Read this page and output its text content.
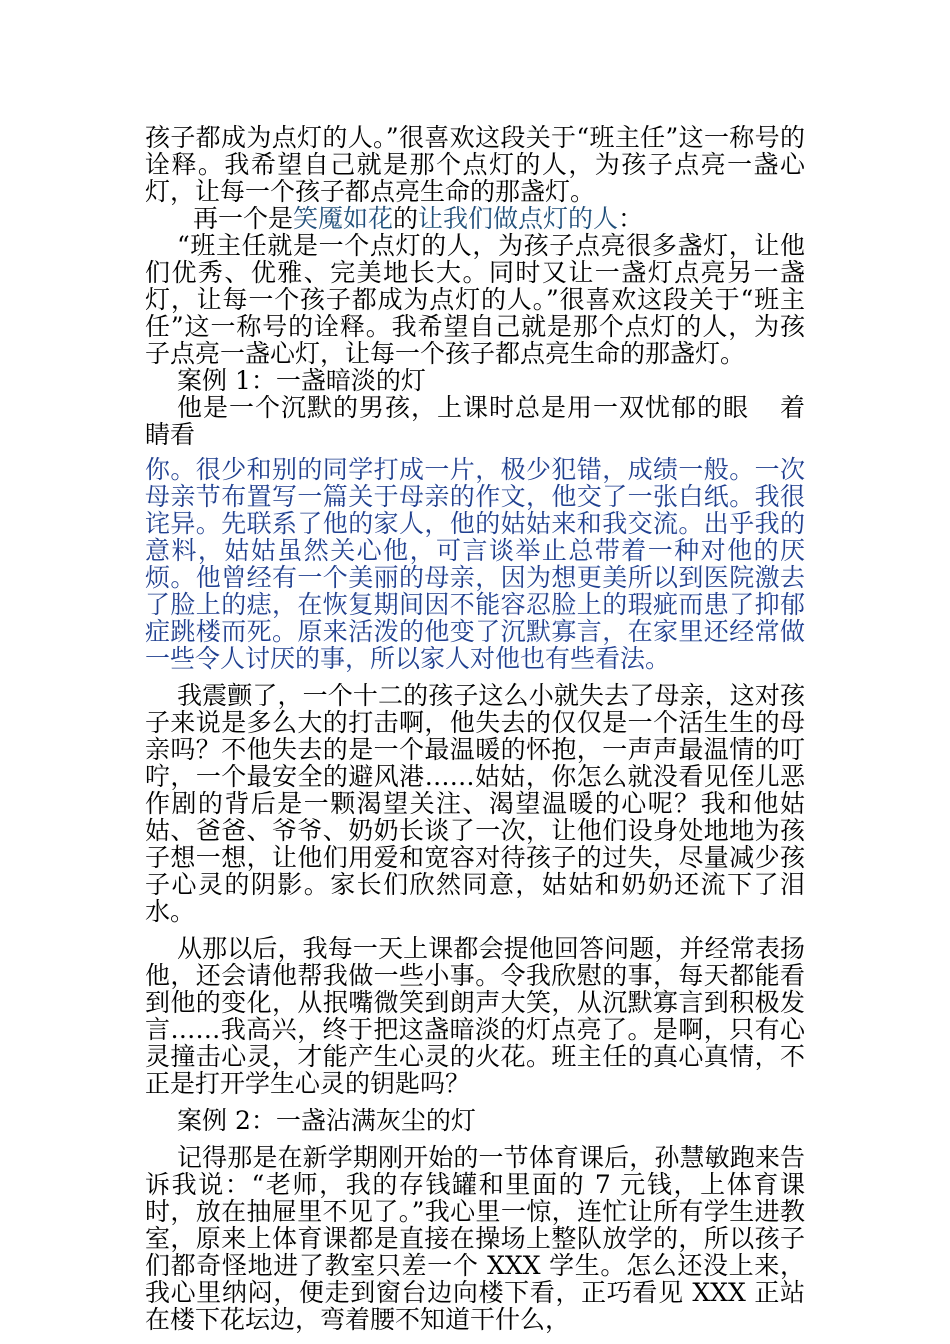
孩子都成为点灯的人。”很喜欢这段关于“班主任”这一称号的诠释。我希望自己就是那个点灯的人，为孩子点亮一盏心灯，让每一个孩子都点亮生命的那盏灯。

再一个是笑魇如花的让我们做点灯的人：

“班主任就是一个点灯的人，为孩子点亮很多盏灯，让他们优秀、优雅、完美地长大。同时又让一盏灯点亮另一盏灯，让每一个孩子都成为点灯的人。”很喜欢这段关于“班主任”这一称号的诠释。我希望自己就是那个点灯的人，为孩子点亮一盏心灯，让每一个孩子都点亮生命的那盏灯。

案例 1：一盏暗淡的灯

他是一个沉默的男孩，上课时总是用一双忧郁的眼睛看
着

你。很少和别的同学打成一片，极少犯错，成绩一般。一次母亲节布置写一篇关于母亲的作文，他交了一张白纸。我很诧异。先联系了他的家人，他的姑姑来和我交流。出乎我的意料，姑姑虽然关心他，可言谈举止总带着一种对他的厌烦。他曾经有一个美丽的母亲，因为想更美所以到医院激去了脸上的痣，在恢复期间因不能容忍脸上的瑕疵而患了抑郁症跳楼而死。原来活泼的他变了沉默寡言，在家里还经常做一些令人讨厌的事，所以家人对他也有些看法。

我震颤了，一个十二的孩子这么小就失去了母亲，这对孩子来说是多么大的打击啊，他失去的仅仅是一个活生生的母亲吗？不他失去的是一个最温暖的怀抱，一声声最温情的叮咛，一个最安全的避风港……姑姑，你怎么就没看见侄儿恶作剧的背后是一颗渴望关注、渴望温暖的心呢？我和他姑姑、爸爸、爷爷、奶奶长谈了一次，让他们设身处地地为孩子想一想，让他们用爱和宽容对待孩子的过失，尽量减少孩子心灵的阴影。家长们欣然同意，姑姑和奶奶还流下了泪水。

从那以后，我每一天上课都会提他回答问题，并经常表扬他，还会请他帮我做一些小事。令我欣慰的事，每天都能看到他的变化，从抿嘴微笑到朗声大笑，从沉默寡言到积极发言……我高兴，终于把这盏暗淡的灯点亮了。是啊，只有心灵撞击心灵，才能产生心灵的火花。班主任的真心真情，不正是打开学生心灵的钥匙吗？

案例 2：一盏沾满灰尘的灯

记得那是在新学期刚开始的一节体育课后，孙慧敏跑来告诉我说：“老师，我的存钱罐和里面的 7 元钱，上体育课时，放在抽屉里不见了。”我心里一惊，连忙让所有学生进教室，原来上体育课都是直接在操场上整队放学的，所以孩子们都奇怪地进了教室只差一个 XXX 学生。怎么还没上来，我心里纳闷，便走到窗台边向楼下看，正巧看见 XXX 正站在楼下花坛边，弯着腰不知道干什么，
